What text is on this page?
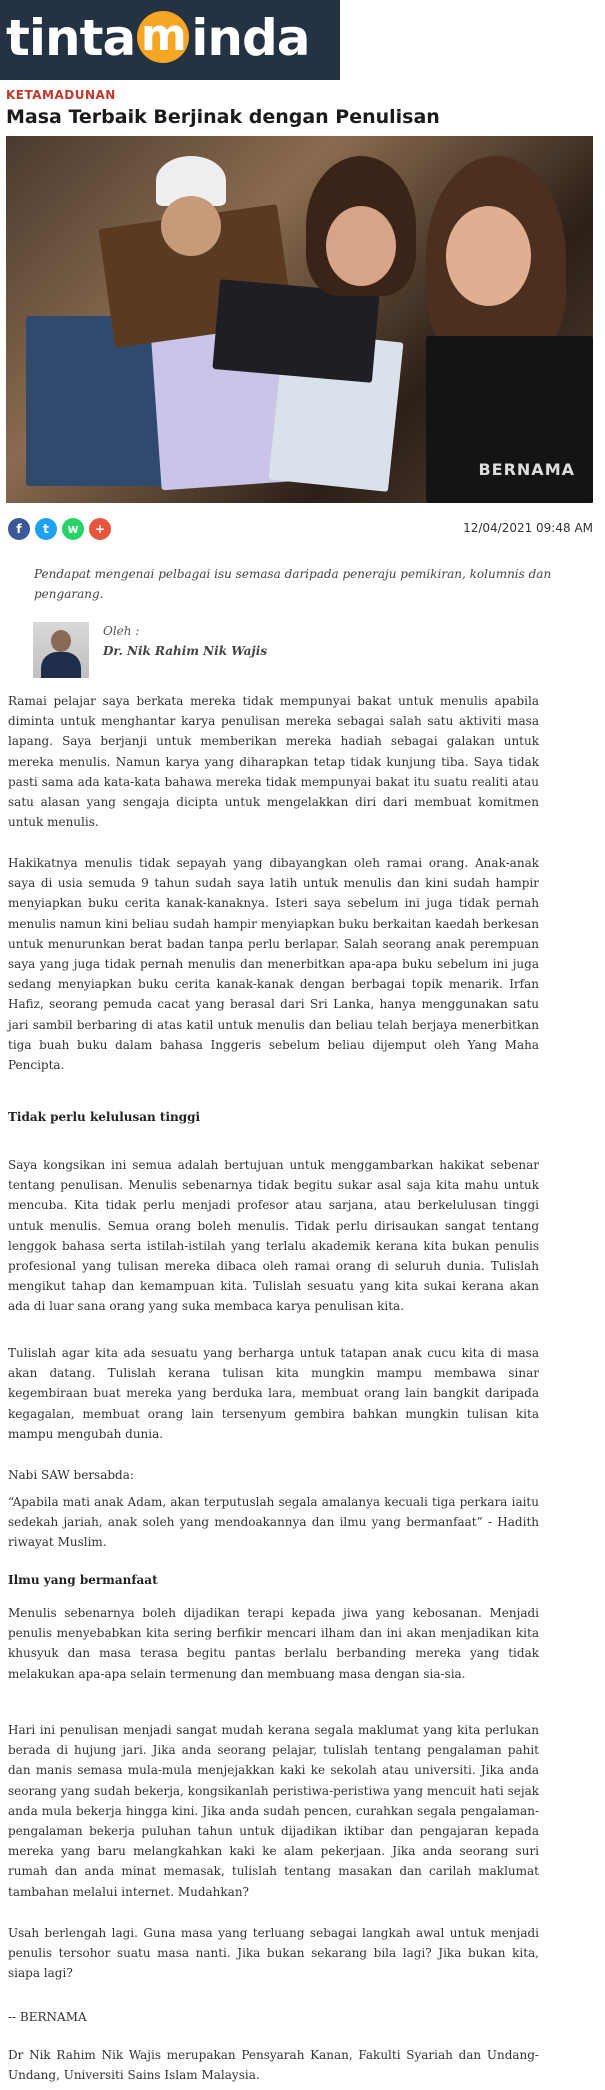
tinta m inda
KETAMADUNAN
Masa Terbaik Berjinak dengan Penulisan
BERNAMA
f	t	w	+	12/04/2021 09:48 AM

Pendapat mengenai pelbagai isu semasa daripada peneraju pemikiran, kolumnis dan pengarang.

Oleh :
Dr. Nik Rahim Nik Wajis

Ramai pelajar saya berkata mereka tidak mempunyai bakat untuk menulis apabila diminta untuk menghantar karya penulisan mereka sebagai salah satu aktiviti masa lapang. Saya berjanji untuk memberikan mereka hadiah sebagai galakan untuk mereka menulis. Namun karya yang diharapkan tetap tidak kunjung tiba. Saya tidak pasti sama ada kata-kata bahawa mereka tidak mempunyai bakat itu suatu realiti atau satu alasan yang sengaja dicipta untuk mengelakkan diri dari membuat komitmen untuk menulis.

Hakikatnya menulis tidak sepayah yang dibayangkan oleh ramai orang. Anak-anak saya di usia semuda 9 tahun sudah saya latih untuk menulis dan kini sudah hampir menyiapkan buku cerita kanak-kanaknya. Isteri saya sebelum ini juga tidak pernah menulis namun kini beliau sudah hampir menyiapkan buku berkaitan kaedah berkesan untuk menurunkan berat badan tanpa perlu berlapar. Salah seorang anak perempuan saya yang juga tidak pernah menulis dan menerbitkan apa-apa buku sebelum ini juga sedang menyiapkan buku cerita kanak-kanak dengan berbagai topik menarik. Irfan Hafiz, seorang pemuda cacat yang berasal dari Sri Lanka, hanya menggunakan satu jari sambil berbaring di atas katil untuk menulis dan beliau telah berjaya menerbitkan tiga buah buku dalam bahasa Inggeris sebelum beliau dijemput oleh Yang Maha Pencipta.

Tidak perlu kelulusan tinggi

Saya kongsikan ini semua adalah bertujuan untuk menggambarkan hakikat sebenar tentang penulisan. Menulis sebenarnya tidak begitu sukar asal saja kita mahu untuk mencuba. Kita tidak perlu menjadi profesor atau sarjana, atau berkelulusan tinggi untuk menulis. Semua orang boleh menulis. Tidak perlu dirisaukan sangat tentang lenggok bahasa serta istilah-istilah yang terlalu akademik kerana kita bukan penulis profesional yang tulisan mereka dibaca oleh ramai orang di seluruh dunia. Tulislah mengikut tahap dan kemampuan kita. Tulislah sesuatu yang kita sukai kerana akan ada di luar sana orang yang suka membaca karya penulisan kita.

Tulislah agar kita ada sesuatu yang berharga untuk tatapan anak cucu kita di masa akan datang. Tulislah kerana tulisan kita mungkin mampu membawa sinar kegembiraan buat mereka yang berduka lara, membuat orang lain bangkit daripada kegagalan, membuat orang lain tersenyum gembira bahkan mungkin tulisan kita mampu mengubah dunia.

Nabi SAW bersabda:

“Apabila mati anak Adam, akan terputuslah segala amalanya kecuali tiga perkara iaitu sedekah jariah, anak soleh yang mendoakannya dan ilmu yang bermanfaat” - Hadith riwayat Muslim.

Ilmu yang bermanfaat

Menulis sebenarnya boleh dijadikan terapi kepada jiwa yang kebosanan. Menjadi penulis menyebabkan kita sering berfikir mencari ilham dan ini akan menjadikan kita khusyuk dan masa terasa begitu pantas berlalu berbanding mereka yang tidak melakukan apa-apa selain termenung dan membuang masa dengan sia-sia.

Hari ini penulisan menjadi sangat mudah kerana segala maklumat yang kita perlukan berada di hujung jari. Jika anda seorang pelajar, tulislah tentang pengalaman pahit dan manis semasa mula-mula menjejakkan kaki ke sekolah atau universiti. Jika anda seorang yang sudah bekerja, kongsikanlah peristiwa-peristiwa yang mencuit hati sejak anda mula bekerja hingga kini. Jika anda sudah pencen, curahkan segala pengalaman-pengalaman bekerja puluhan tahun untuk dijadikan iktibar dan pengajaran kepada mereka yang baru melangkahkan kaki ke alam pekerjaan. Jika anda seorang suri rumah dan anda minat memasak, tulislah tentang masakan dan carilah maklumat tambahan melalui internet. Mudahkan?

Usah berlengah lagi. Guna masa yang terluang sebagai langkah awal untuk menjadi penulis tersohor suatu masa nanti. Jika bukan sekarang bila lagi? Jika bukan kita, siapa lagi?

-- BERNAMA

Dr Nik Rahim Nik Wajis merupakan Pensyarah Kanan, Fakulti Syariah dan Undang-Undang, Universiti Sains Islam Malaysia.
